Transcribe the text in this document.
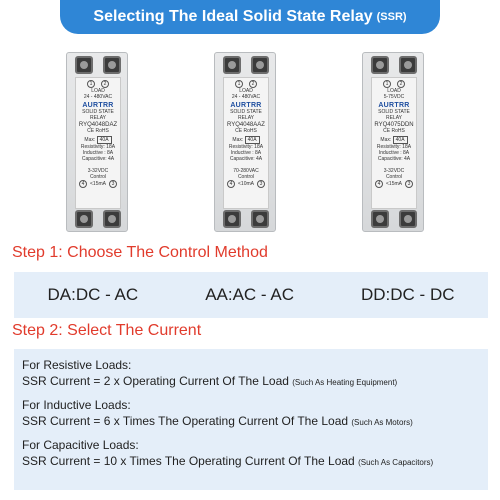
Selecting The Ideal Solid State Relay (SSR)
1 2
LOAD
24 - 480VAC
AURTRR
SOLID STATE RELAY
RYQ4048DAZ
CE RoHS
Max: 40A
Resistivity: 18A
Inductive : 8A
Capacitive: 4A
3-32VDC
Control
4 <15mA 3
1 2
LOAD
24 - 480VAC
AURTRR
SOLID STATE RELAY
RYQ4048AAZ
CE RoHS
Max: 40A
Resistivity: 18A
Inductive : 8A
Capacitive: 4A
70-280VAC
Control
4 <10mA 3
1 2
LOAD
5-75VDC
AURTRR
SOLID STATE RELAY
RYQ4075DDN
CE RoHS
Max: 40A
Resistivity: 18A
Inductive : 8A
Capacitive: 4A
3-32VDC
Control
4 <15mA 3
Step 1: Choose The Control Method
DA:DC - AC	AA:AC - AC	DD:DC - DC
Step 2: Select The Current
For Resistive Loads:
SSR Current = 2 x Operating Current Of The Load (Such As Heating Equipment)
For Inductive Loads:
SSR Current = 6 x Times The Operating Current Of The Load (Such As Motors)
For Capacitive Loads:
SSR Current = 10 x Times The Operating Current Of The Load (Such As Capacitors)
